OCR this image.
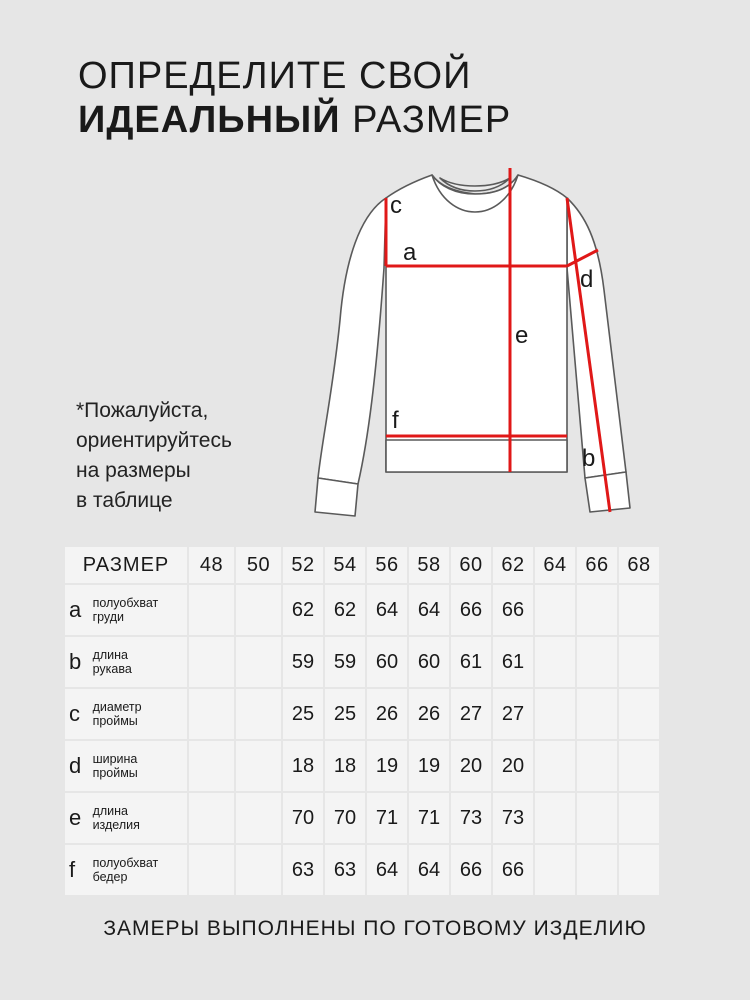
ОПРЕДЕЛИТЕ СВОЙ
ИДЕАЛЬНЫЙ РАЗМЕР
c
a
d
e
f
b
*Пожалуйста,
ориентируйтесь
на размеры
в таблице
РАЗМЕР	48	50	52	54	56	58	60	62	64	66	68
a полуобхват
груди			62	62	64	64	66	66			
b длина
рукава			59	59	60	60	61	61			
c диаметр
проймы			25	25	26	26	27	27			
d ширина
проймы			18	18	19	19	20	20			
e длина
изделия			70	70	71	71	73	73			
f полуобхват
бедер			63	63	64	64	66	66			
ЗАМЕРЫ ВЫПОЛНЕНЫ ПО ГОТОВОМУ ИЗДЕЛИЮ
